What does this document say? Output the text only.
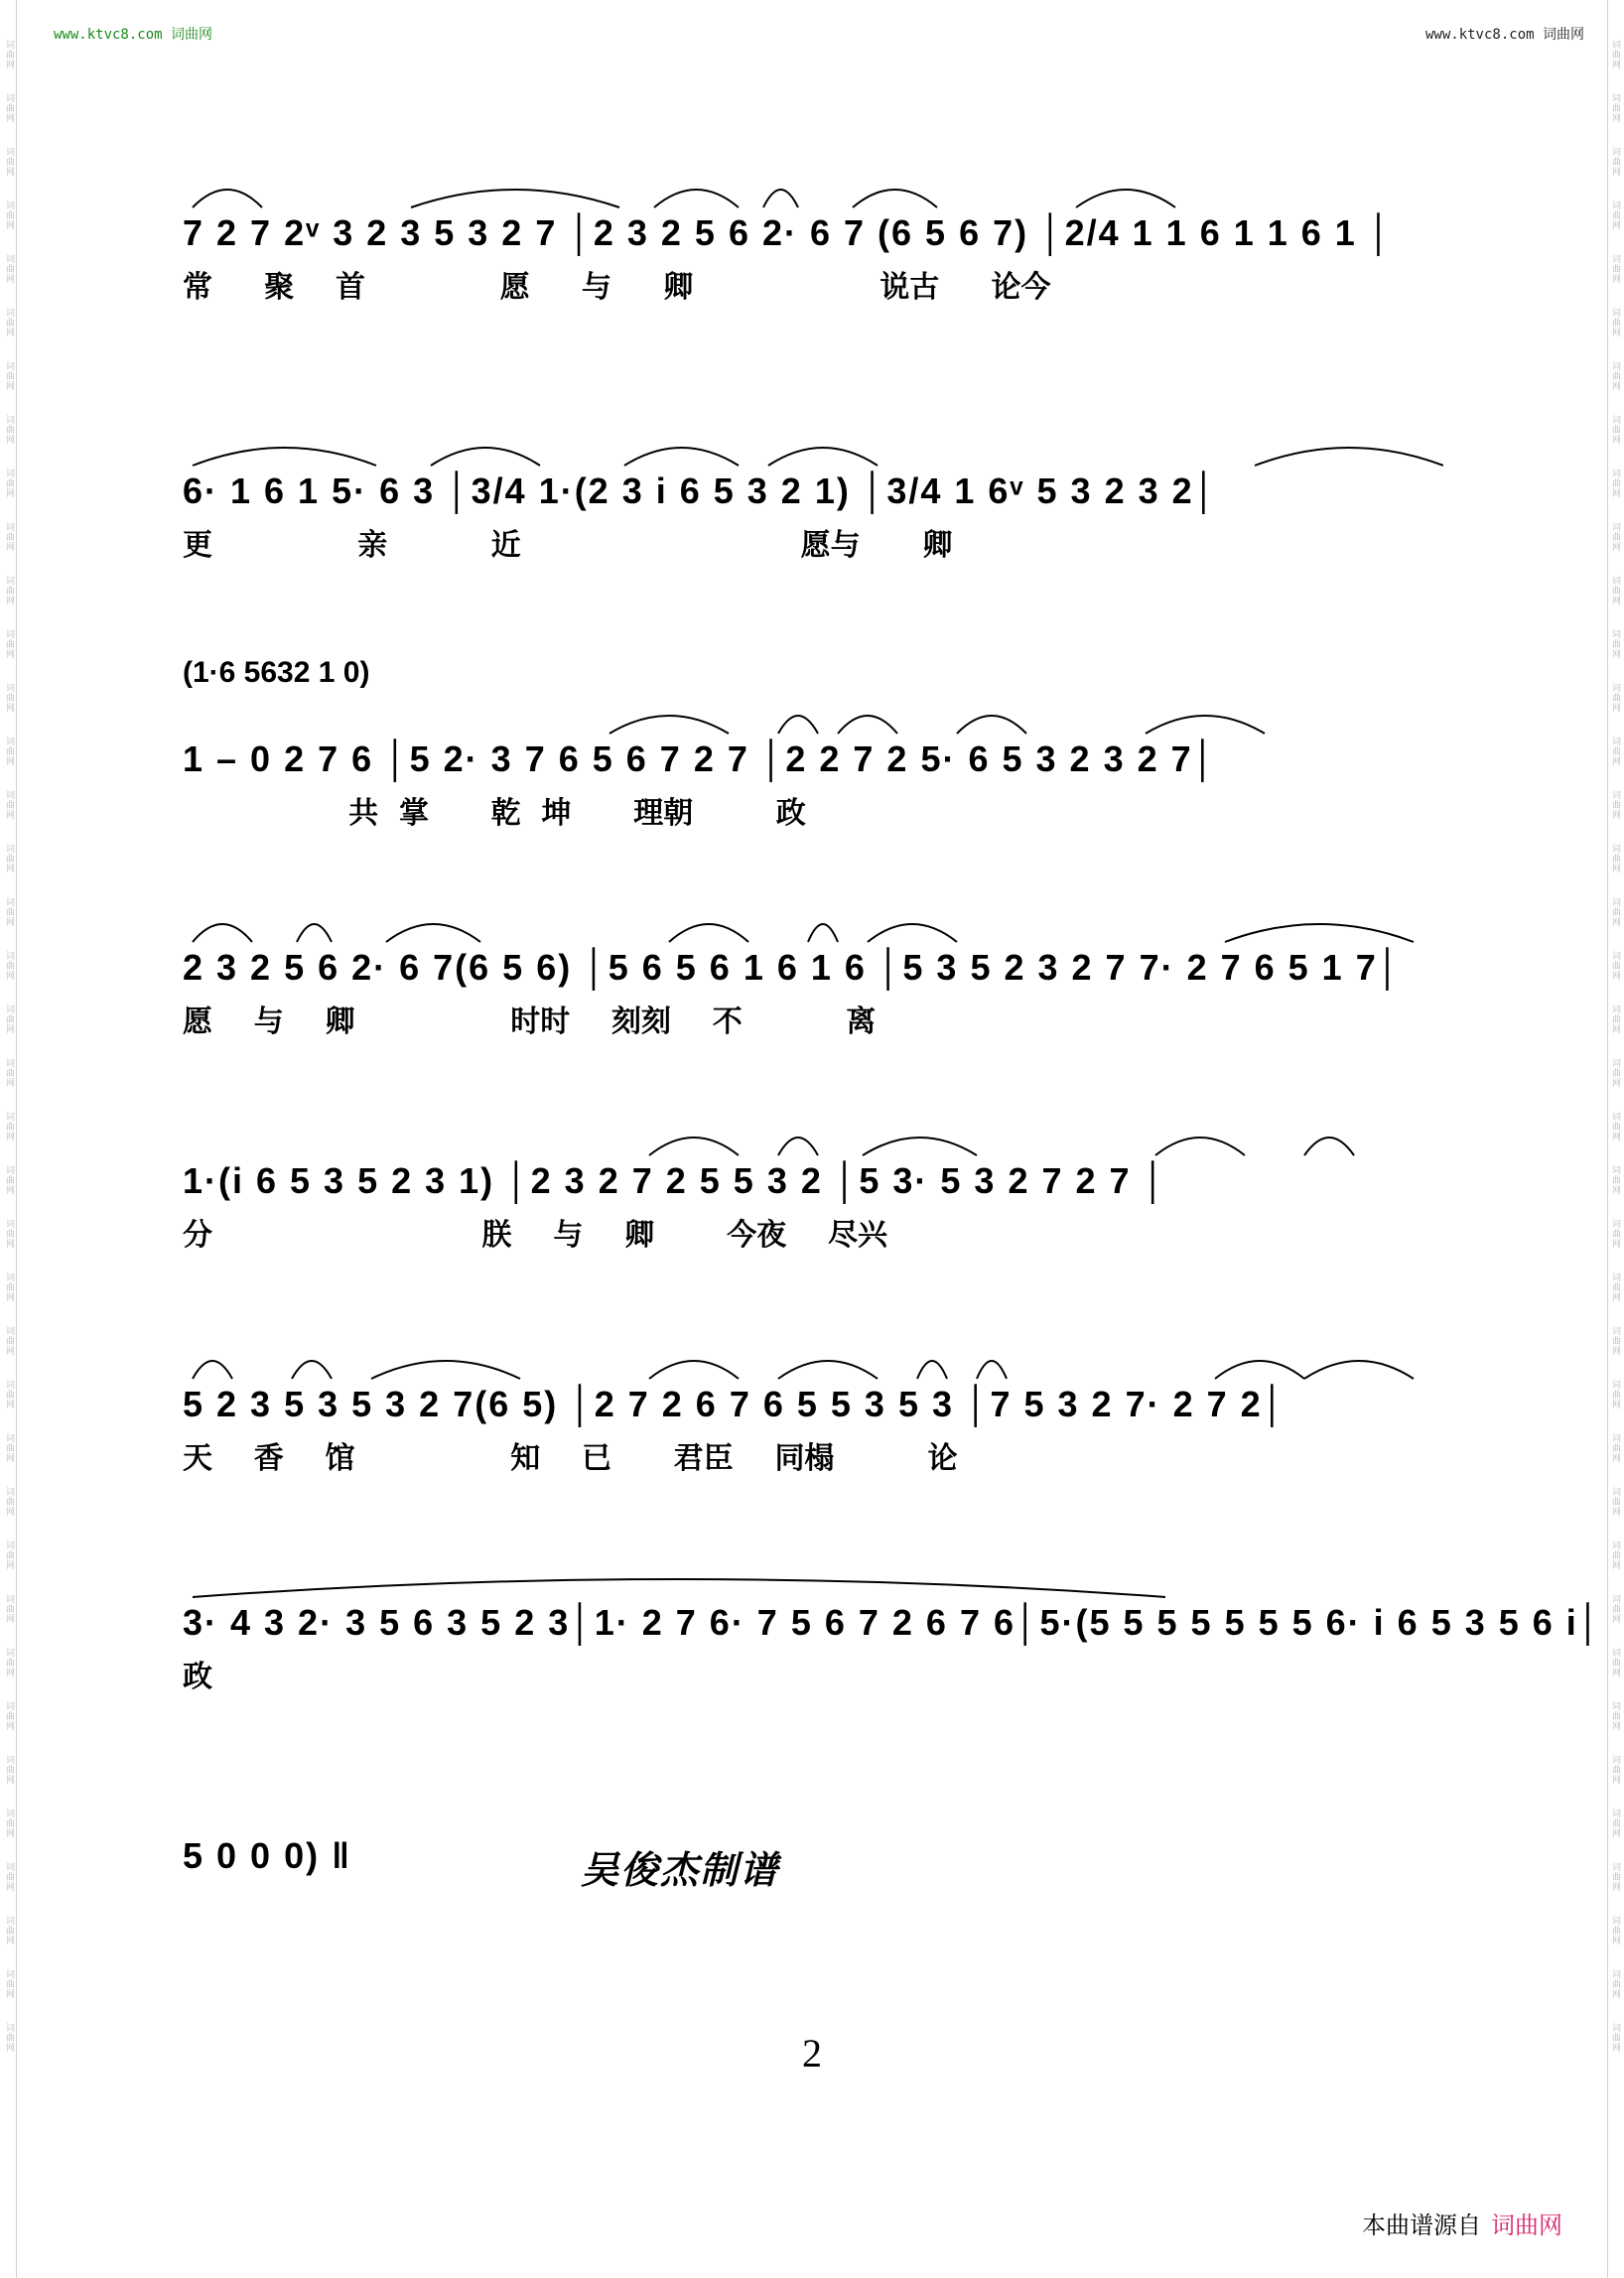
词曲网
词曲网
词曲网
词曲网
词曲网
词曲网
词曲网
词曲网
词曲网
词曲网
词曲网
词曲网
词曲网
词曲网
词曲网
词曲网
词曲网
词曲网
词曲网
词曲网
词曲网
词曲网
词曲网
词曲网
词曲网
词曲网
词曲网
词曲网
词曲网
词曲网
词曲网
词曲网
词曲网
词曲网
词曲网
词曲网
词曲网
词曲网
词曲网
词曲网
词曲网
词曲网
词曲网
词曲网
词曲网
词曲网
词曲网
词曲网
词曲网
词曲网
词曲网
词曲网
词曲网
词曲网
词曲网
词曲网
词曲网
词曲网
词曲网
词曲网
词曲网
词曲网
词曲网
词曲网
词曲网
词曲网
词曲网
词曲网
词曲网
词曲网
词曲网
词曲网
词曲网
词曲网
词曲网
词曲网
www.ktvc8.com 词曲网	www.ktvc8.com 词曲网
7 2 7 2ᵛ 3 2 3 5 3 2 7 │2 3 2 5 6 2· 6 7 (6 5 6 7) │2/4 1 1 6 1 1 6 1 │
常     聚    首             愿     与     卿                  说古     论今
6· 1 6 1 5· 6 3 │3/4 1·(2 3 i 6 5 3 2 1) │3/4 1 6ᵛ 5 3 2 3 2│
更              亲          近                           愿与      卿
(1·6 5632 1 0)
1 – 0 2 7 6 │5 2· 3 7 6 5 6 7 2 7 │2 2 7 2 5· 6 5 3 2 3 2 7│
共  掌      乾  坤      理朝        政
2 3 2 5 6 2· 6 7(6 5 6) │5 6 5 6 1 6 1 6 │5 3 5 2 3 2 7 7· 2 7 6 5 1 7│
愿    与    卿               时时    刻刻    不          离
1·(i 6 5 3 5 2 3 1) │2 3 2 7 2 5 5 3 2 │5 3· 5 3 2 7 2 7 │
分                          朕    与    卿       今夜    尽兴
5 2 3 5 3 5 3 2 7(6 5) │2 7 2 6 7 6 5 5 3 5 3 │7 5 3 2 7· 2 7 2│
天    香    馆               知    已      君臣    同榻         论
3· 4 3 2· 3 5 6 3 5 2 3│1· 2 7 6· 7 5 6 7 2 6 7 6│5·(5 5 5 5 5 5 5 6· i 6 5 3 5 6 i│
政
5 0 0 0) ‖	吴俊杰制谱
2
本曲谱源自 词曲网
